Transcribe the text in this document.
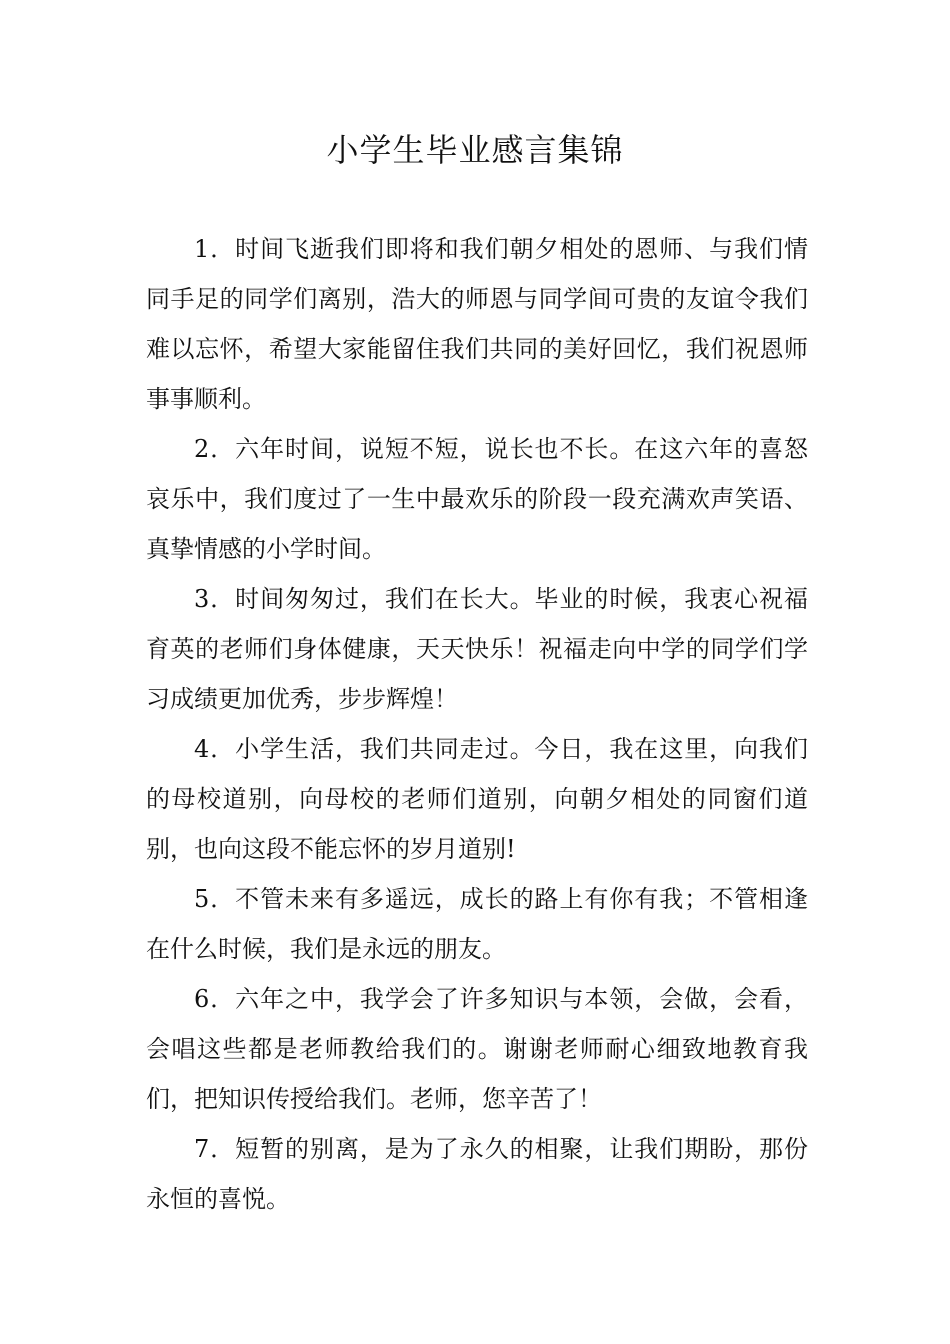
小学生毕业感言集锦

1．时间飞逝我们即将和我们朝夕相处的恩师、与我们情同手足的同学们离别，浩大的师恩与同学间可贵的友谊令我们难以忘怀，希望大家能留住我们共同的美好回忆，我们祝恩师事事顺利。

2．六年时间，说短不短，说长也不长。在这六年的喜怒哀乐中，我们度过了一生中最欢乐的阶段一段充满欢声笑语、真挚情感的小学时间。

3．时间匆匆过，我们在长大。毕业的时候，我衷心祝福育英的老师们身体健康，天天快乐！祝福走向中学的同学们学习成绩更加优秀，步步辉煌！

4．小学生活，我们共同走过。今日，我在这里，向我们的母校道别，向母校的老师们道别，向朝夕相处的同窗们道别，也向这段不能忘怀的岁月道别!

5．不管未来有多遥远，成长的路上有你有我；不管相逢在什么时候，我们是永远的朋友。

6．六年之中，我学会了许多知识与本领，会做，会看，会唱这些都是老师教给我们的。谢谢老师耐心细致地教育我们，把知识传授给我们。老师，您辛苦了！

7．短暂的别离，是为了永久的相聚，让我们期盼，那份永恒的喜悦。
